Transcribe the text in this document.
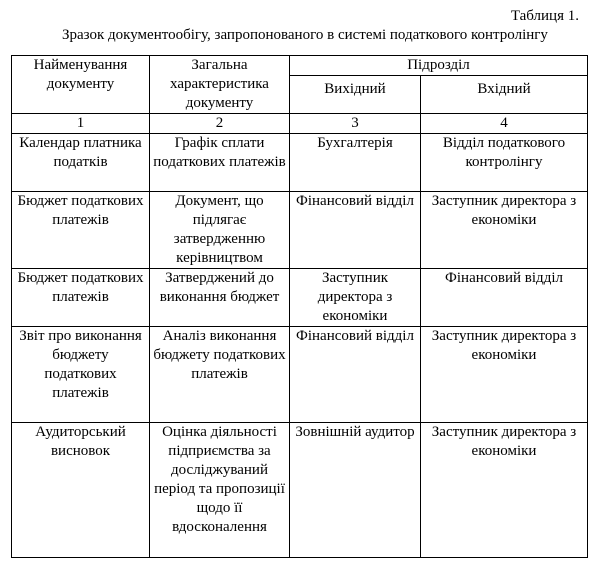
Таблиця 1.
Зразок документообігу, запропонованого в системі податкового контролінгу
Найменування документу	Загальна характеристика документу	Підрозділ	

		Вихідний	Вхідний

1	2	3	4

Календар платника податків	Графік сплати податкових платежів	Бухгалтерія	Відділ податкового контролінгу

Бюджет податкових платежів	Документ, що підлягає затвердженню керівництвом	Фінансовий відділ	Заступник директора з економіки

Бюджет податкових платежів	Затверджений до виконання бюджет	Заступник директора з економіки	Фінансовий відділ

Звіт про виконання бюджету податкових платежів	Аналіз виконання бюджету податкових платежів	Фінансовий відділ	Заступник директора з економіки

Аудиторський висновок	Оцінка діяльності підприємства за досліджуваний період та пропозиції щодо її вдосконалення	Зовнішній аудитор	Заступник директора з економіки
